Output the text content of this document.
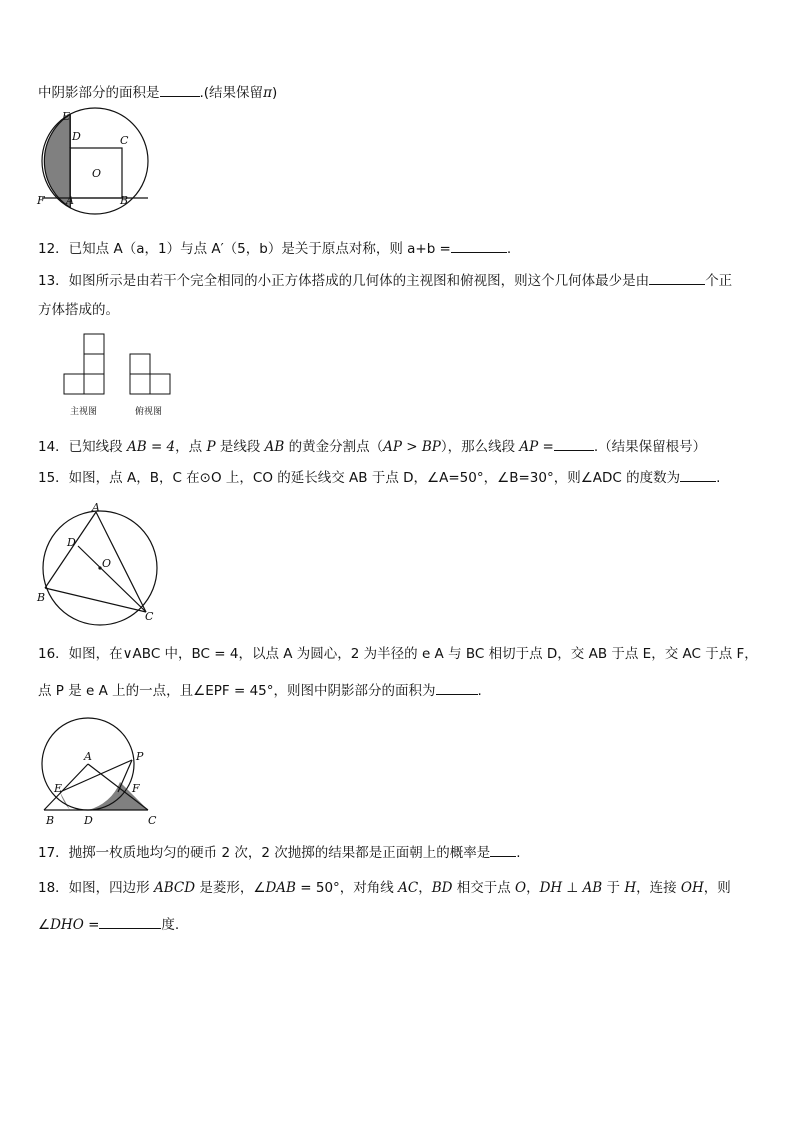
中阴影部分的面积是	.(结果保留π)
E
D	C
O
F A	B
12．已知点 A（a，1）与点 A′（5，b）是关于原点对称，则 a+b =	.
13．如图所示是由若干个完全相同的小正方体搭成的几何体的主视图和俯视图，则这个几何体最少是由	个正
方体搭成的。
主视图	俯视图
14．已知线段 AB = 4，点 P 是线段 AB 的黄金分割点（AP > BP），那么线段 AP =	.（结果保留根号）
15．如图，点 A，B，C 在⊙O 上，CO 的延长线交 AB 于点 D，∠A=50°，∠B=30°，则∠ADC 的度数为	.
A
D
O
B
C
16．如图，在∨ABC 中，BC = 4，以点 A 为圆心，2 为半径的 e A 与 BC 相切于点 D，交 AB 于点 E，交 AC 于点 F，
点 P 是 e A 上的一点，且∠EPF = 45°，则图中阴影部分的面积为	.
A	P
E	F
B	D	C
17．抛掷一枚质地均匀的硬币 2 次，2 次抛掷的结果都是正面朝上的概率是 .
18．如图，四边形 ABCD 是菱形，∠DAB = 50°，对角线 AC，BD 相交于点 O，DH ⊥ AB 于 H，连接 OH，则
∠DHO =	度.
